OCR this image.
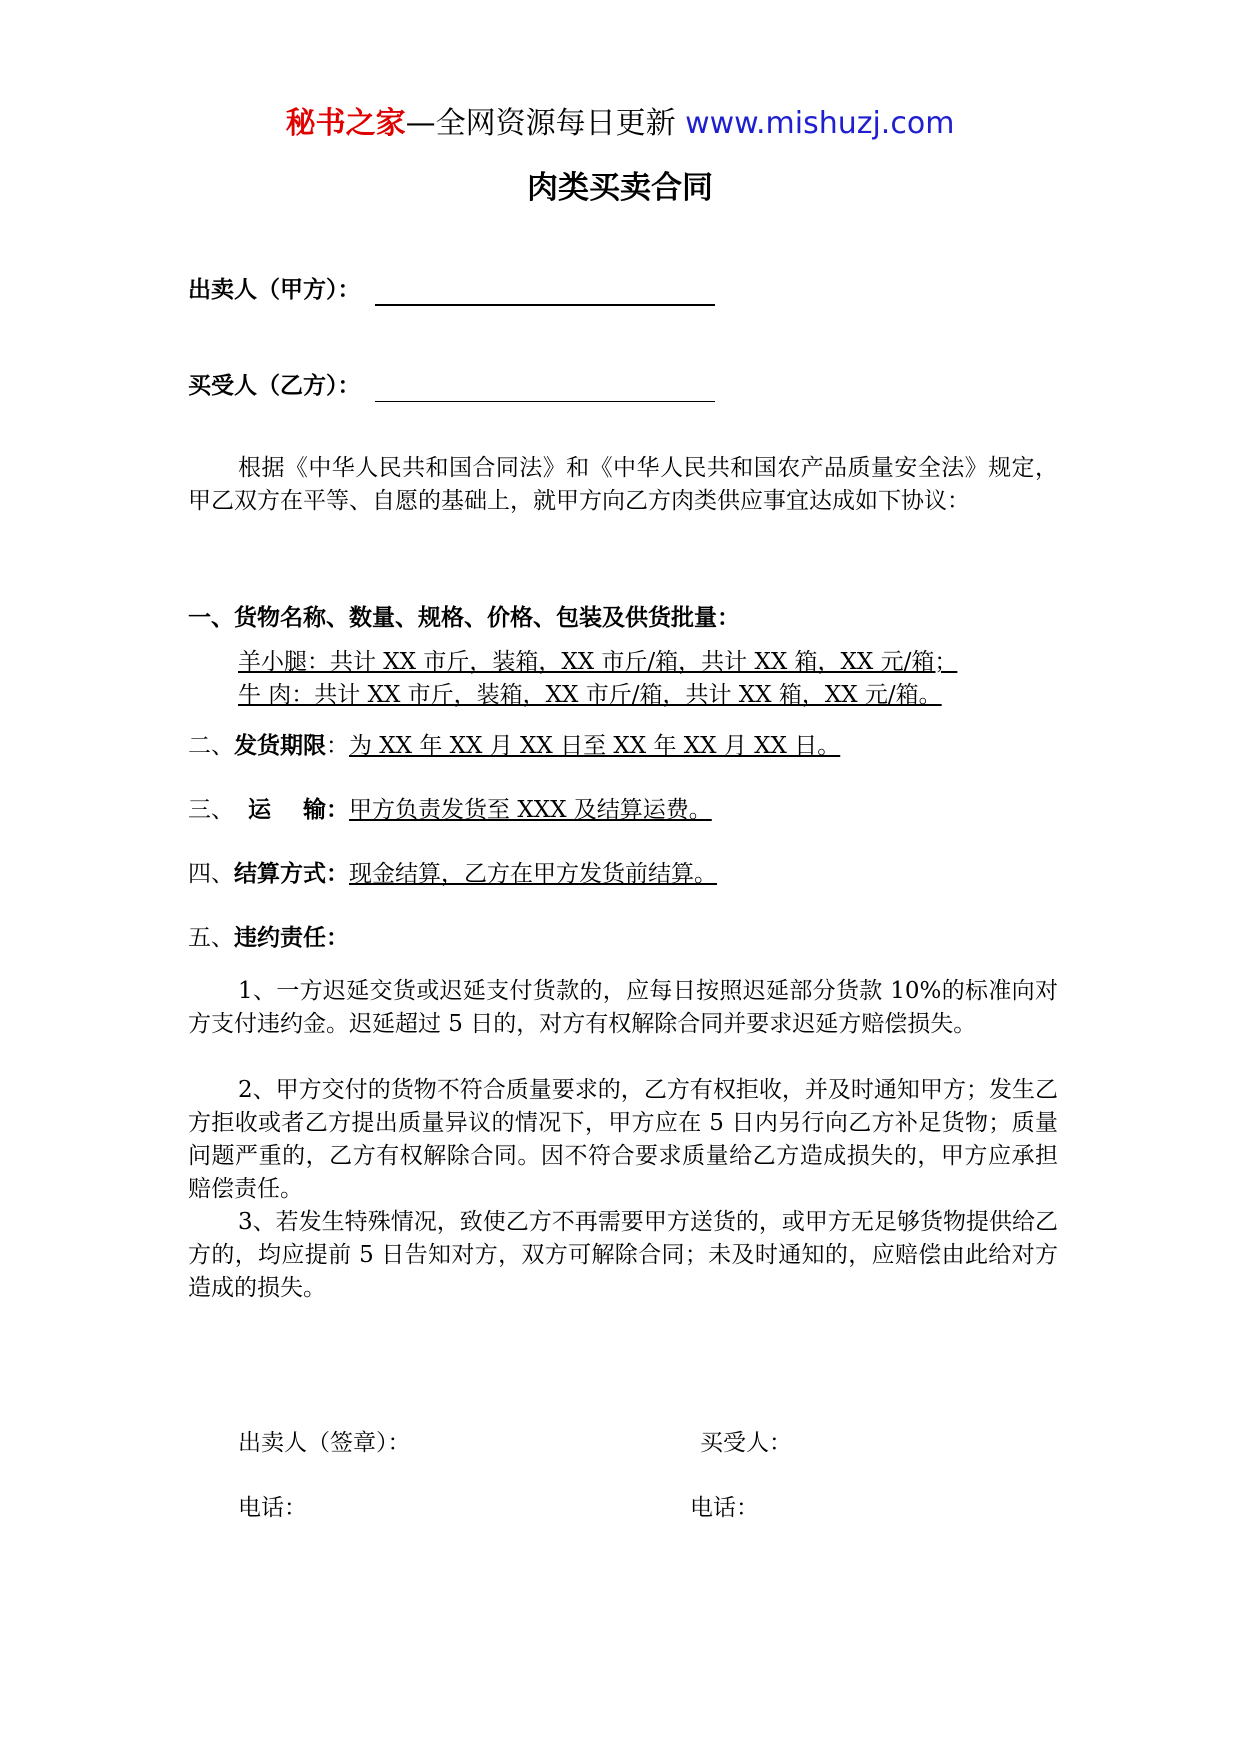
秘书之家—全网资源每日更新 www.mishuzj.com
肉类买卖合同
出卖人（甲方）：
买受人（乙方）：
根据《中华人民共和国合同法》和《中华人民共和国农产品质量安全法》规定，甲乙双方在平等、自愿的基础上，就甲方向乙方肉类供应事宜达成如下协议：
一、货物名称、数量、规格、价格、包装及供货批量：
羊小腿：共计 XX 市斤，装箱，XX 市斤/箱，共计 XX 箱，XX 元/箱；
牛 肉：共计 XX 市斤，装箱，XX 市斤/箱，共计 XX 箱，XX 元/箱。
二、发货期限：为 XX 年 XX 月 XX 日至 XX 年 XX 月 XX 日。
三、 运    输：甲方负责发货至 XXX 及结算运费。
四、结算方式：现金结算，乙方在甲方发货前结算。
五、违约责任：
1、一方迟延交货或迟延支付货款的，应每日按照迟延部分货款 10%的标准向对方支付违约金。迟延超过 5 日的，对方有权解除合同并要求迟延方赔偿损失。
2、甲方交付的货物不符合质量要求的，乙方有权拒收，并及时通知甲方；发生乙方拒收或者乙方提出质量异议的情况下，甲方应在 5 日内另行向乙方补足货物；质量问题严重的，乙方有权解除合同。因不符合要求质量给乙方造成损失的，甲方应承担赔偿责任。
3、若发生特殊情况，致使乙方不再需要甲方送货的，或甲方无足够货物提供给乙方的，均应提前 5 日告知对方，双方可解除合同；未及时通知的，应赔偿由此给对方造成的损失。
出卖人（签章）：	买受人：
电话：	电话：
